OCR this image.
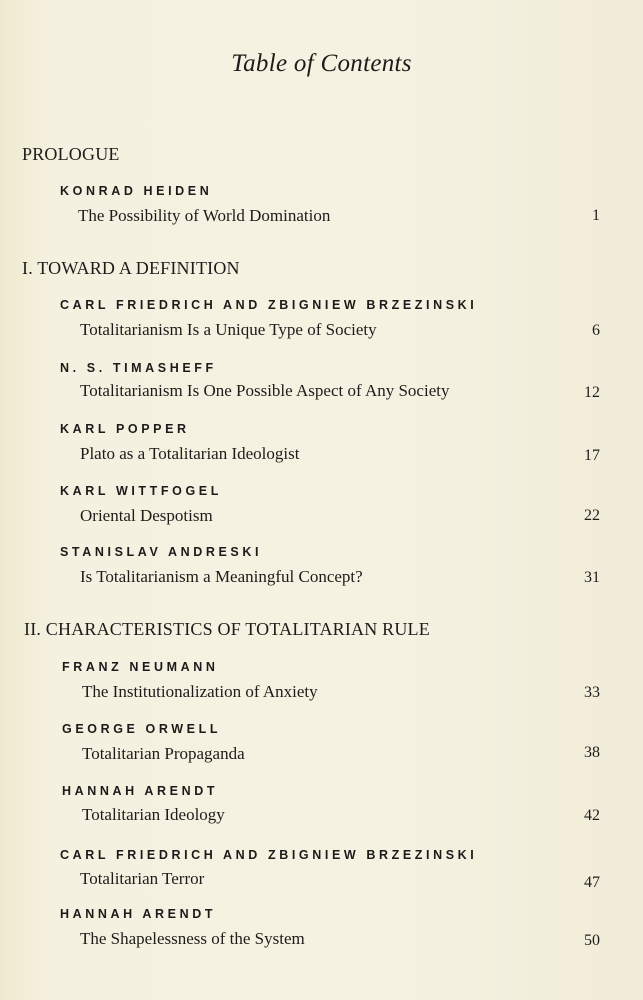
Table of Contents
PROLOGUE
KONRAD HEIDEN
The Possibility of World Domination	1
I. TOWARD A DEFINITION
CARL FRIEDRICH AND ZBIGNIEW BRZEZINSKI
Totalitarianism Is a Unique Type of Society	6
N. S. TIMASHEFF
Totalitarianism Is One Possible Aspect of Any Society	12
KARL POPPER
Plato as a Totalitarian Ideologist	17
KARL WITTFOGEL
Oriental Despotism	22
STANISLAV ANDRESKI
Is Totalitarianism a Meaningful Concept?	31
II. CHARACTERISTICS OF TOTALITARIAN RULE
FRANZ NEUMANN
The Institutionalization of Anxiety	33
GEORGE ORWELL
Totalitarian Propaganda	38
HANNAH ARENDT
Totalitarian Ideology	42
CARL FRIEDRICH AND ZBIGNIEW BRZEZINSKI
Totalitarian Terror	47
HANNAH ARENDT
The Shapelessness of the System	50
